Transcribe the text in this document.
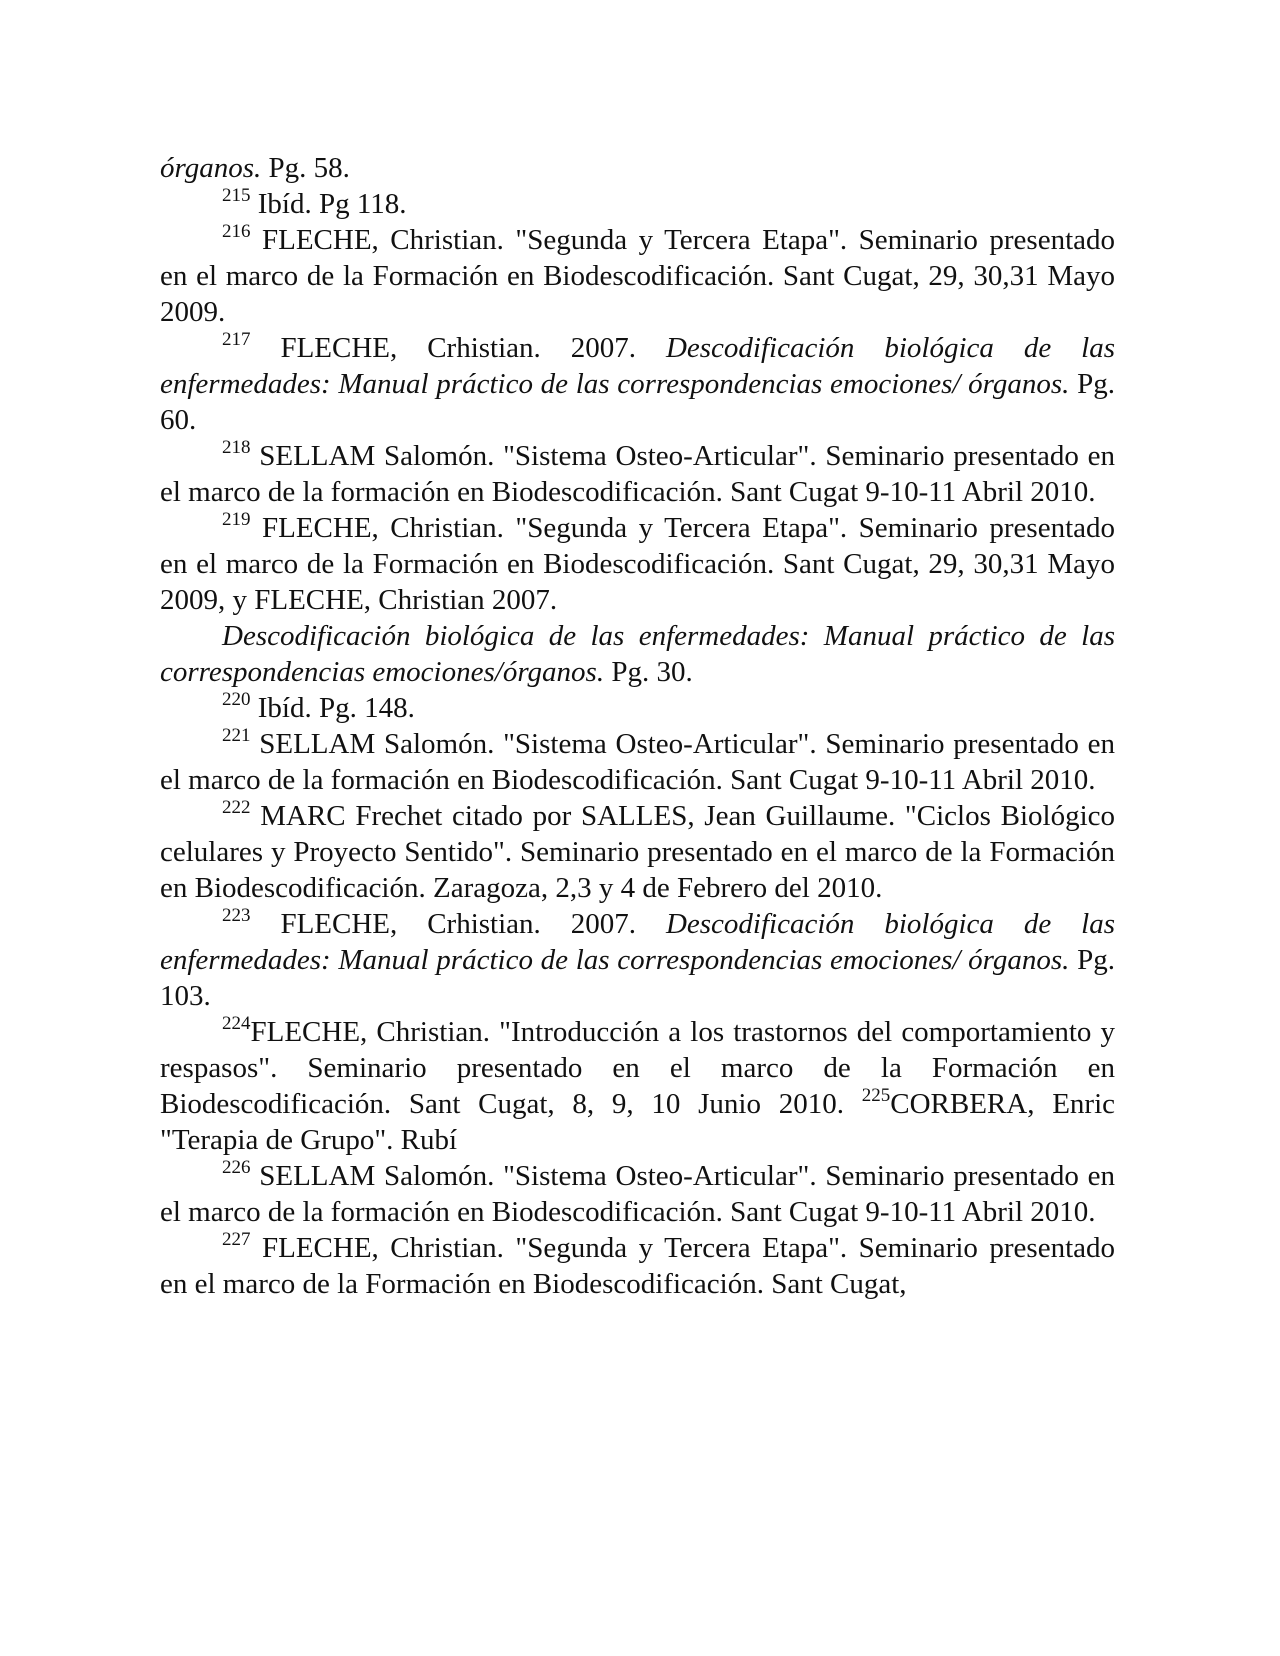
órganos. Pg. 58.

$^{215}$ Ibíd. Pg 118.

$^{216}$ FLECHE, Christian. "Segunda y Tercera Etapa". Seminario presentado en el marco de la Formación en Biodescodificación. Sant Cugat, 29, 30,31 Mayo 2009.

$^{217}$ FLECHE, Crhistian. 2007. Descodificación biológica de las enfermedades: Manual práctico de las correspondencias emociones/ órganos. Pg. 60.

$^{218}$ SELLAM Salomón. "Sistema Osteo-Articular". Seminario presentado en el marco de la formación en Biodescodificación. Sant Cugat 9-10-11 Abril 2010.

$^{219}$ FLECHE, Christian. "Segunda y Tercera Etapa". Seminario presentado en el marco de la Formación en Biodescodificación. Sant Cugat, 29, 30,31 Mayo 2009, y FLECHE, Christian 2007.

Descodificación biológica de las enfermedades: Manual práctico de las correspondencias emociones/órganos. Pg. 30.

$^{220}$ Ibíd. Pg. 148.

$^{221}$ SELLAM Salomón. "Sistema Osteo-Articular". Seminario presentado en el marco de la formación en Biodescodificación. Sant Cugat 9-10-11 Abril 2010.

$^{222}$ MARC Frechet citado por SALLES, Jean Guillaume. "Ciclos Biológico celulares y Proyecto Sentido". Seminario presentado en el marco de la Formación en Biodescodificación. Zaragoza, 2,3 y 4 de Febrero del 2010.

$^{223}$ FLECHE, Crhistian. 2007. Descodificación biológica de las enfermedades: Manual práctico de las correspondencias emociones/ órganos. Pg. 103.

$^{224}$FLECHE, Christian. "Introducción a los trastornos del comportamiento y respasos". Seminario presentado en el marco de la Formación en Biodescodificación. Sant Cugat, 8, 9, 10 Junio 2010. $^{225}$CORBERA, Enric "Terapia de Grupo". Rubí

$^{226}$ SELLAM Salomón. "Sistema Osteo-Articular". Seminario presentado en el marco de la formación en Biodescodificación. Sant Cugat 9-10-11 Abril 2010.

$^{227}$ FLECHE, Christian. "Segunda y Tercera Etapa". Seminario presentado en el marco de la Formación en Biodescodificación. Sant Cugat,
